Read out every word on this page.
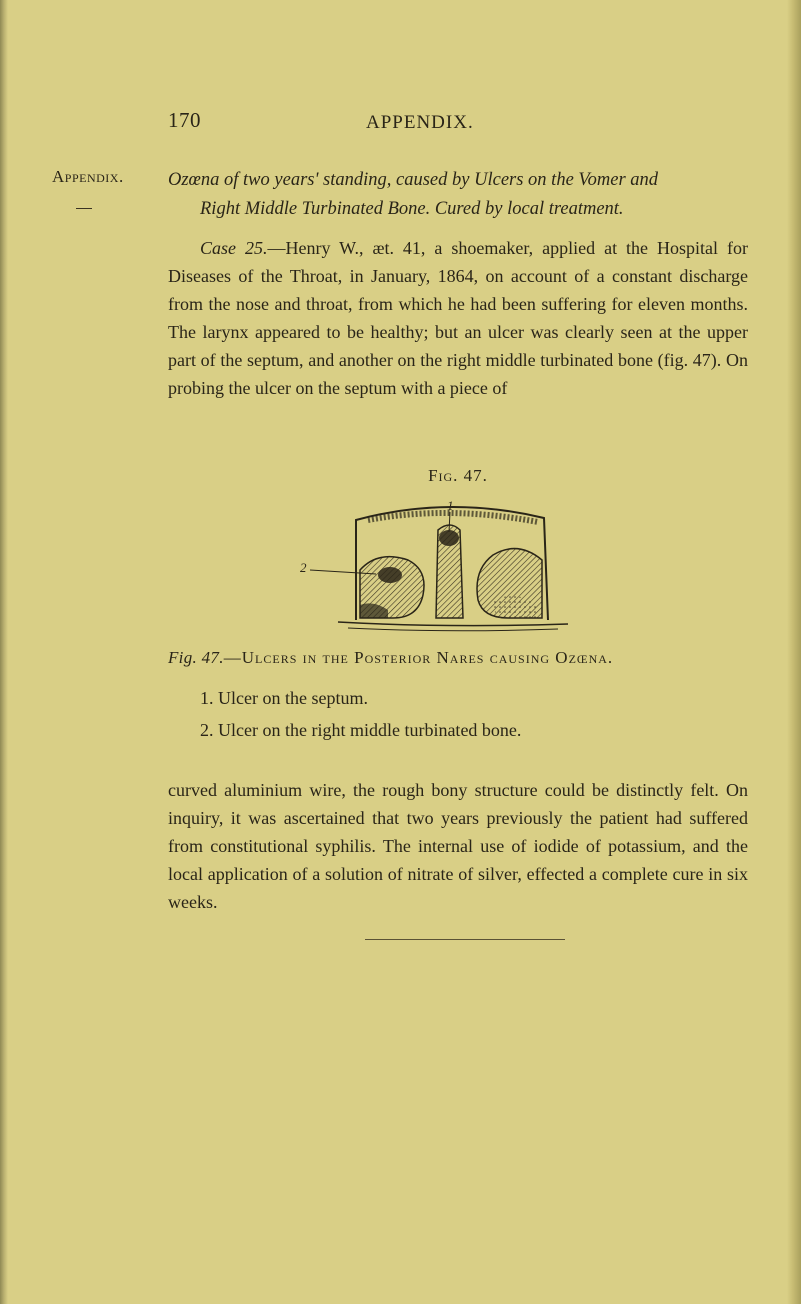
170	APPENDIX.
Appendix. Ozœna of two years' standing, caused by Ulcers on the Vomer and
Right Middle Turbinated Bone. Cured by local treatment.
Case 25.—Henry W., æt. 41, a shoemaker, applied at the Hospital for Diseases of the Throat, in January, 1864, on account of a constant discharge from the nose and throat, from which he had been suffering for eleven months. The larynx appeared to be healthy; but an ulcer was clearly seen at the upper part of the septum, and another on the right middle turbinated bone (fig. 47). On probing the ulcer on the septum with a piece of
Fig. 47.
1
2
Fig. 47.—Ulcers in the Posterior Nares causing Ozœna.
1. Ulcer on the septum.
2. Ulcer on the right middle turbinated bone.
curved aluminium wire, the rough bony structure could be distinctly felt. On inquiry, it was ascertained that two years previously the patient had suffered from constitutional syphilis. The internal use of iodide of potassium, and the local application of a solution of nitrate of silver, effected a complete cure in six weeks.
